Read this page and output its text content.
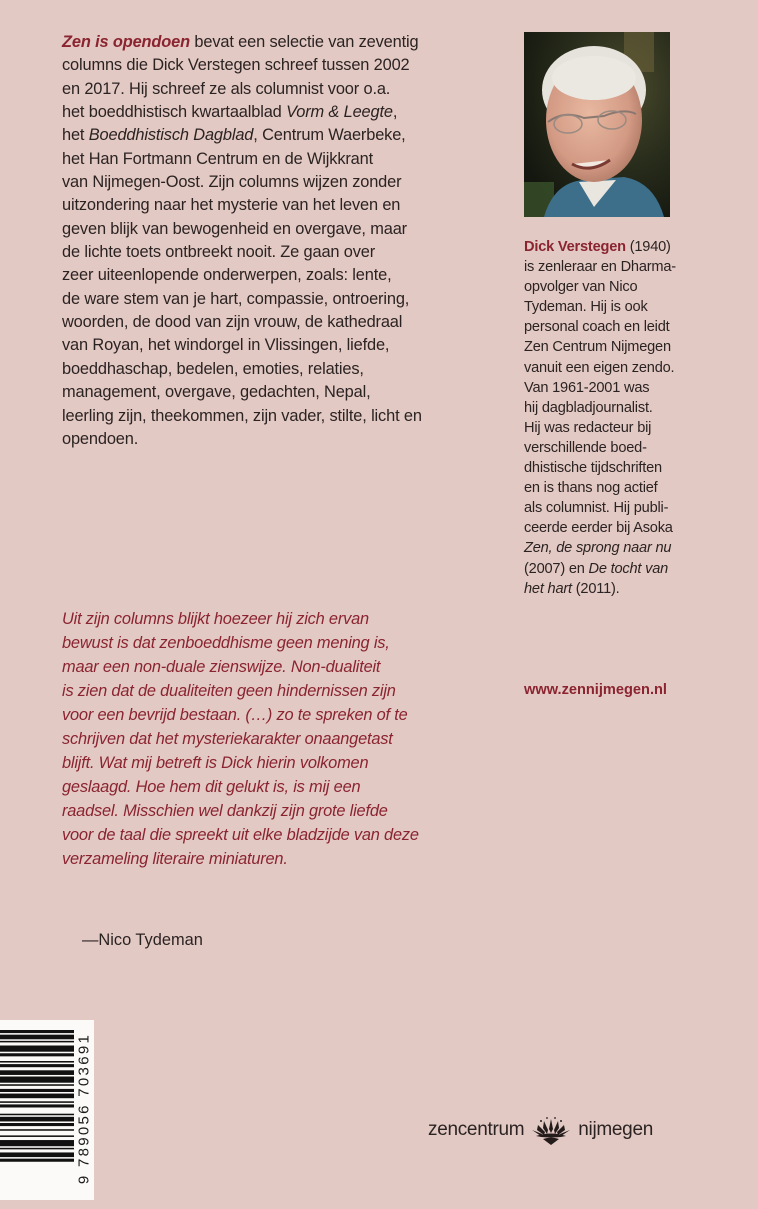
Zen is opendoen bevat een selectie van zeventig
columns die Dick Verstegen schreef tussen 2002
en 2017. Hij schreef ze als columnist voor o.a.
het boeddhistisch kwartaalblad Vorm & Leegte,
het Boeddhistisch Dagblad, Centrum Waerbeke,
het Han Fortmann Centrum en de Wijkkrant
van Nijmegen-Oost. Zijn columns wijzen zonder
uitzondering naar het mysterie van het leven en
geven blijk van bewogenheid en overgave, maar
de lichte toets ontbreekt nooit. Ze gaan over
zeer uiteenlopende onderwerpen, zoals: lente,
de ware stem van je hart, compassie, ontroering,
woorden, de dood van zijn vrouw, de kathedraal
van Royan, het windorgel in Vlissingen, liefde,
boeddhaschap, bedelen, emoties, relaties,
management, overgave, gedachten, Nepal,
leerling zijn, theekommen, zijn vader, stilte, licht en
opendoen.
Uit zijn columns blijkt hoezeer hij zich ervan
bewust is dat zenboeddhisme geen mening is,
maar een non-duale zienswijze. Non-dualiteit
is zien dat de dualiteiten geen hindernissen zijn
voor een bevrijd bestaan. (…) zo te spreken of te
schrijven dat het mysteriekarakter onaangetast
blijft. Wat mij betreft is Dick hierin volkomen
geslaagd. Hoe hem dit gelukt is, is mij een
raadsel. Misschien wel dankzij zijn grote liefde
voor de taal die spreekt uit elke bladzijde van deze
verzameling literaire miniaturen.
—Nico Tydeman
Dick Verstegen (1940)
is zenleraar en Dharma-
opvolger van Nico
Tydeman. Hij is ook
personal coach en leidt
Zen Centrum Nijmegen
vanuit een eigen zendo.
Van 1961-2001 was
hij dagbladjournalist.
Hij was redacteur bij
verschillende boed-
dhistische tijdschriften
en is thans nog actief
als columnist. Hij publi-
ceerde eerder bij Asoka
Zen, de sprong naar nu
(2007) en De tocht van
het hart (2011).
www.zennijmegen.nl
9 789056 703691	zencentrum	nijmegen
